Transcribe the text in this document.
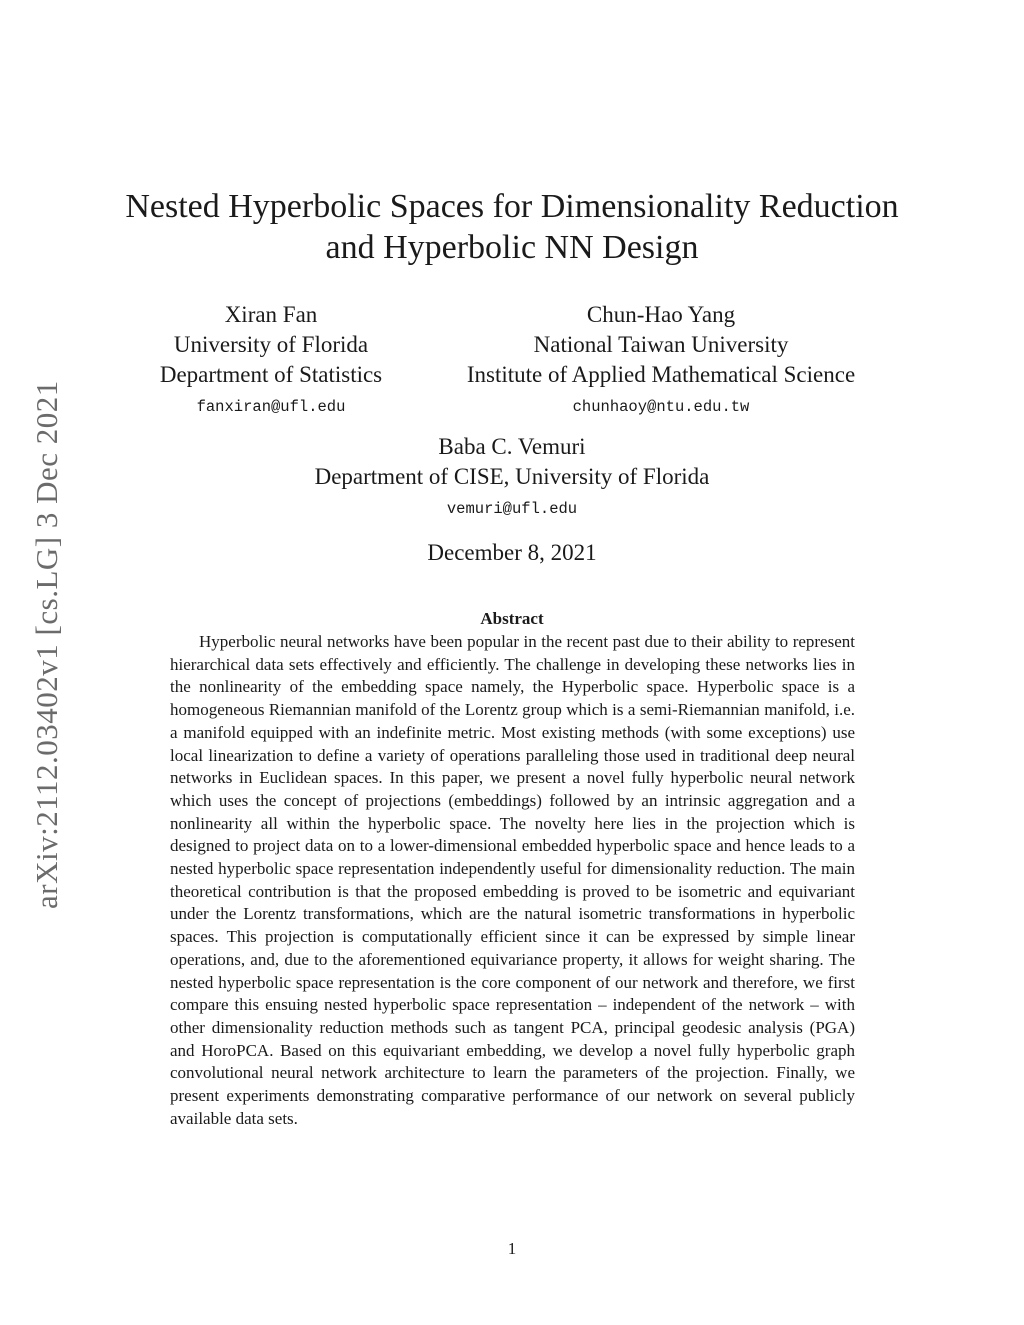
arXiv:2112.03402v1 [cs.LG] 3 Dec 2021
Nested Hyperbolic Spaces for Dimensionality Reduction
and Hyperbolic NN Design
Xiran Fan
University of Florida
Department of Statistics
fanxiran@ufl.edu
Chun-Hao Yang
National Taiwan University
Institute of Applied Mathematical Science
chunhaoy@ntu.edu.tw
Baba C. Vemuri
Department of CISE, University of Florida
vemuri@ufl.edu
December 8, 2021
Abstract

Hyperbolic neural networks have been popular in the recent past due to their ability to represent hierarchical data sets effectively and efficiently. The challenge in developing these networks lies in the nonlinearity of the embedding space namely, the Hyperbolic space. Hyperbolic space is a homogeneous Riemannian manifold of the Lorentz group which is a semi-Riemannian manifold, i.e. a manifold equipped with an indefinite metric. Most existing methods (with some exceptions) use local linearization to define a variety of operations paralleling those used in traditional deep neural networks in Euclidean spaces. In this paper, we present a novel fully hyperbolic neural network which uses the concept of projections (embeddings) followed by an intrinsic aggregation and a nonlinearity all within the hyperbolic space. The novelty here lies in the projection which is designed to project data on to a lower-dimensional embedded hyperbolic space and hence leads to a nested hyperbolic space representation independently useful for dimensionality reduction. The main theoretical contribution is that the proposed embedding is proved to be isometric and equivariant under the Lorentz transformations, which are the natural isometric transformations in hyperbolic spaces. This projection is computationally efficient since it can be expressed by simple linear operations, and, due to the aforementioned equivariance property, it allows for weight sharing. The nested hyperbolic space representation is the core component of our network and therefore, we first compare this ensuing nested hyperbolic space representation – independent of the network – with other dimensionality reduction methods such as tangent PCA, principal geodesic analysis (PGA) and HoroPCA. Based on this equivariant embedding, we develop a novel fully hyperbolic graph convolutional neural network architecture to learn the parameters of the projection. Finally, we present experiments demonstrating comparative performance of our network on several publicly available data sets.

1
